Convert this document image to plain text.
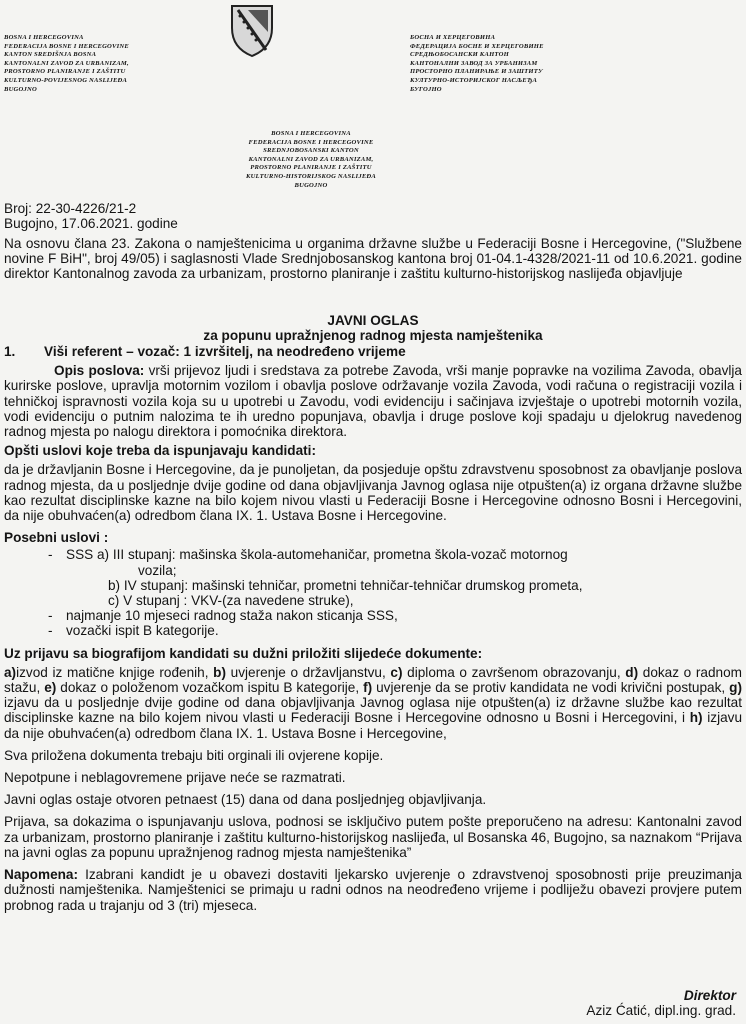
BOSNA I HERCEGOVINA
FEDERACIJA BOSNE I HERCEGOVINE
KANTON SREDIŠNJA BOSNA
KANTONALNI ZAVOD ZA URBANIZAM,
PROSTORNO PLANIRANJE I ZAŠTITU
KULTURNO-POVIJESNOG NASLIJEĐA
BUGOJNO
БОСНА И ХЕРЦЕГОВИНА
ФЕДЕРАЦИЈА БОСНЕ И ХЕРЦЕГОВИНЕ
СРЕДЊОБОСАНСКИ КАНТОН
КАНТОНАЛНИ ЗАВОД ЗА УРБАНИЗАМ
ПРОСТОРНО ПЛАНИРАЊЕ И ЗАШТИТУ
КУЛТУРНО-ИСТОРИЈСКОГ НАСЉЕЂА
БУГОЈНО
BOSNA I HERCEGOVINA
FEDERACIJA BOSNE I HERCEGOVINE
SREDNJOBOSANSKI KANTON
KANTONALNI ZAVOD ZA URBANIZAM,
PROSTORNO PLANIRANJE I ZAŠTITU
KULTURNO-HISTORIJSKOG NASLIJEĐA
BUGOJNO
Broj: 22-30-4226/21-2
Bugojno, 17.06.2021. godine

Na osnovu člana 23. Zakona o namještenicima u organima državne službe u Federaciji Bosne i Hercegovine, ("Službene novine F BiH", broj 49/05) i saglasnosti Vlade Srednjobosanskog kantona broj 01-04.1-4328/2021-11 od 10.6.2021. godine direktor Kantonalnog zavoda za urbanizam, prostorno planiranje i zaštitu kulturno-historijskog naslijeđa objavljuje

JAVNI OGLAS
za popunu upražnjenog radnog mjesta namještenika

1. Viši referent – vozač: 1 izvršitelj, na neodređeno vrijeme

Opis poslova: vrši prijevoz ljudi i sredstava za potrebe Zavoda, vrši manje popravke na vozilima Zavoda, obavlja kurirske poslove, upravlja motornim vozilom i obavlja poslove održavanje vozila Zavoda, vodi računa o registraciji vozila i tehničkoj ispravnosti vozila koja su u upotrebi u Zavodu, vodi evidenciju i sačinjava izvještaje o upotrebi motornih vozila, vodi evidenciju o putnim nalozima te ih uredno popunjava, obavlja i druge poslove koji spadaju u djelokrug navedenog radnog mjesta po nalogu direktora i pomoćnika direktora.

Opšti uslovi koje treba da ispunjavaju kandidati:

da je državljanin Bosne i Hercegovine, da je punoljetan, da posjeduje opštu zdravstvenu sposobnost za obavljanje poslova radnog mjesta, da u posljednje dvije godine od dana objavljivanja Javnog oglasa nije otpušten(a) iz organa državne službe kao rezultat disciplinske kazne na bilo kojem nivou vlasti u Federaciji Bosne i Hercegovine odnosno Bosni i Hercegovini, da nije obuhvaćen(a) odredbom člana IX. 1. Ustava Bosne i Hercegovine.

Posebni uslovi :

- SSS a) III stupanj: mašinska škola-automehaničar, prometna škola-vozač motornog
vozila;
b) IV stupanj: mašinski tehničar, prometni tehničar-tehničar drumskog prometa,
c) V stupanj : VKV-(za navedene struke),
- najmanje 10 mjeseci radnog staža nakon sticanja SSS,
- vozački ispit B kategorije.

Uz prijavu sa biografijom kandidati su dužni priložiti slijedeće dokumente:

a)izvod iz matične knjige rođenih, b) uvjerenje o državljanstvu, c) diploma o završenom obrazovanju, d) dokaz o radnom stažu, e) dokaz o položenom vozačkom ispitu B kategorije, f) uvjerenje da se protiv kandidata ne vodi krivični postupak, g) izjavu da u posljednje dvije godine od dana objavljivanja Javnog oglasa nije otpušten(a) iz državne službe kao rezultat disciplinske kazne na bilo kojem nivou vlasti u Federaciji Bosne i Hercegovine odnosno u Bosni i Hercegovini, i h) izjavu da nije obuhvaćen(a) odredbom člana IX. 1. Ustava Bosne i Hercegovine,

Sva priložena dokumenta trebaju biti orginali ili ovjerene kopije.

Nepotpune i neblagovremene prijave neće se razmatrati.

Javni oglas ostaje otvoren petnaest (15) dana od dana posljednjeg objavljivanja.

Prijava, sa dokazima o ispunjavanju uslova, podnosi se isključivo putem pošte preporučeno na adresu: Kantonalni zavod za urbanizam, prostorno planiranje i zaštitu kulturno-historijskog naslijeđa, ul Bosanska 46, Bugojno, sa naznakom “Prijava na javni oglas za popunu upražnjenog radnog mjesta namještenika”

Napomena: Izabrani kandidt je u obavezi dostaviti ljekarsko uvjerenje o zdravstvenoj sposobnosti prije preuzimanja dužnosti namještenika. Namještenici se primaju u radni odnos na neodređeno vrijeme i podliježu obavezi provjere putem probnog rada u trajanju od 3 (tri) mjeseca.

Direktor
Aziz Ćatić, dipl.ing. grad.
